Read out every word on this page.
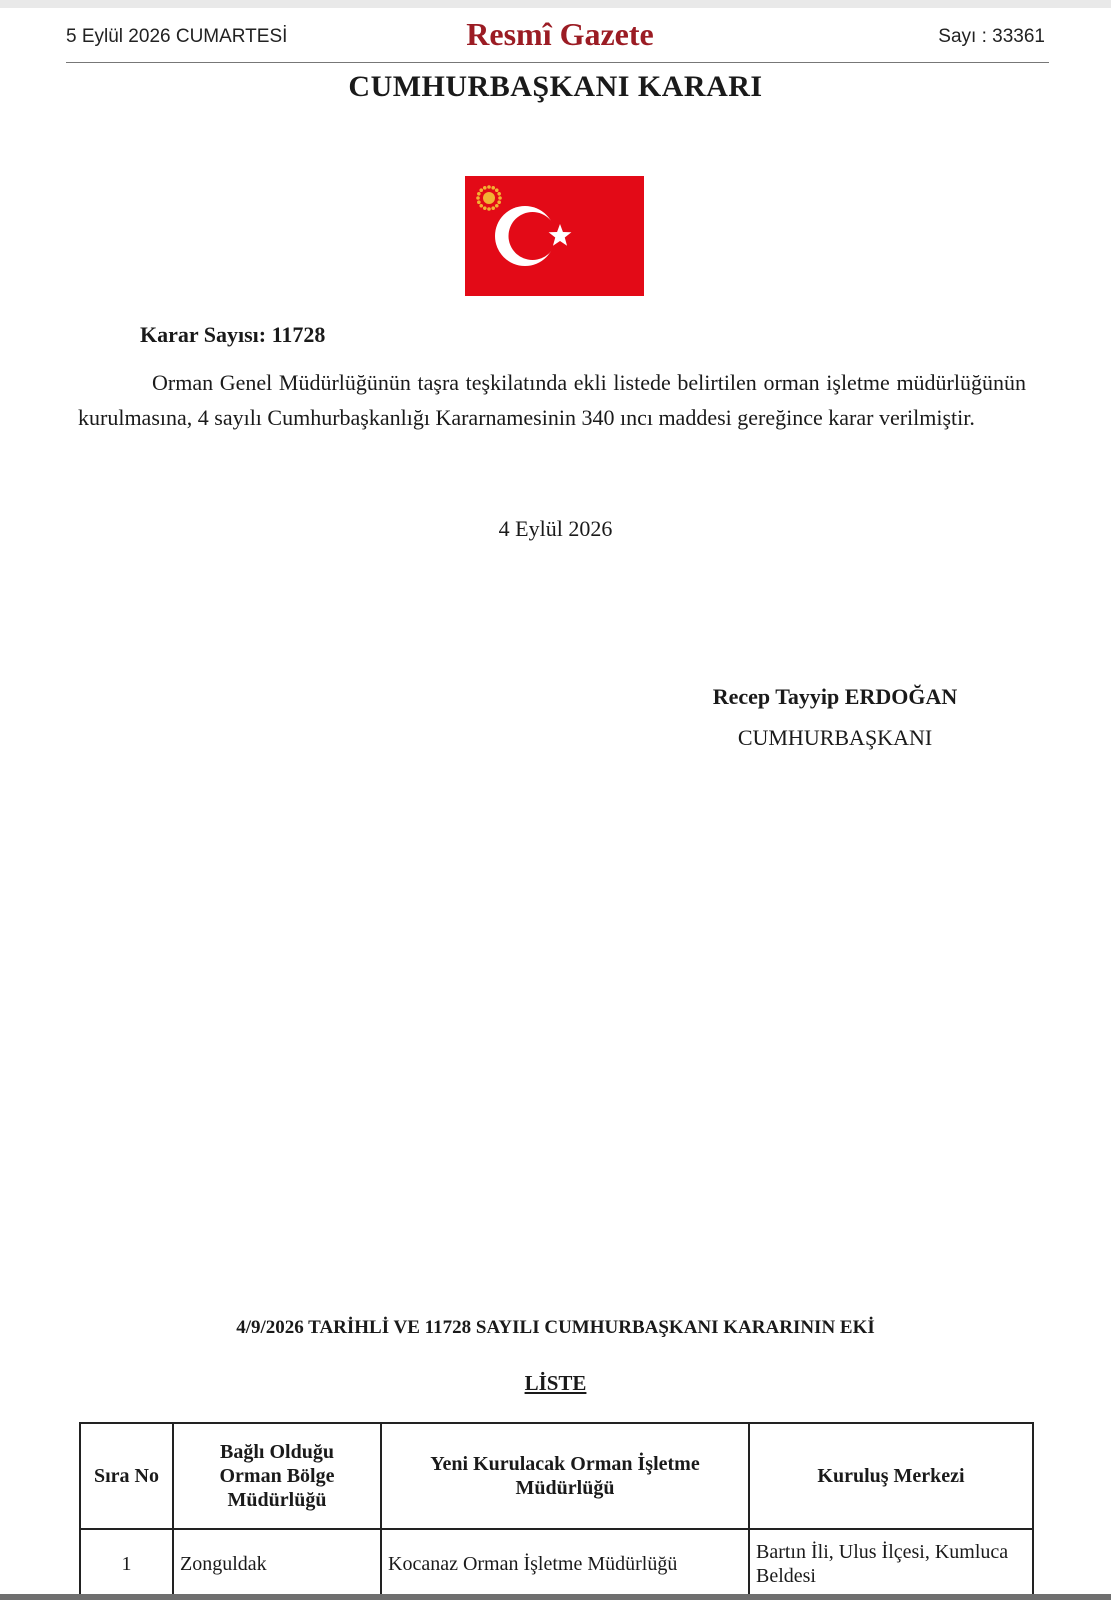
5 Eylül 2026 CUMARTESİ	Resmî Gazete	Sayı : 33361
CUMHURBAŞKANI KARARI
Karar Sayısı: 11728

Orman Genel Müdürlüğünün taşra teşkilatında ekli listede belirtilen orman işletme müdürlüğünün kurulmasına, 4 sayılı Cumhurbaşkanlığı Kararnamesinin 340 ıncı maddesi gereğince karar verilmiştir.

4 Eylül 2026
Recep Tayyip ERDOĞAN
CUMHURBAŞKANI
4/9/2026 TARİHLİ VE 11728 SAYILI CUMHURBAŞKANI KARARININ EKİ
LİSTE
Sıra No	Bağlı Olduğu Orman Bölge Müdürlüğü	Yeni Kurulacak Orman İşletme Müdürlüğü	Kuruluş Merkezi
1	Zonguldak	Kocanaz Orman İşletme Müdürlüğü	Bartın İli, Ulus İlçesi, Kumluca Beldesi
